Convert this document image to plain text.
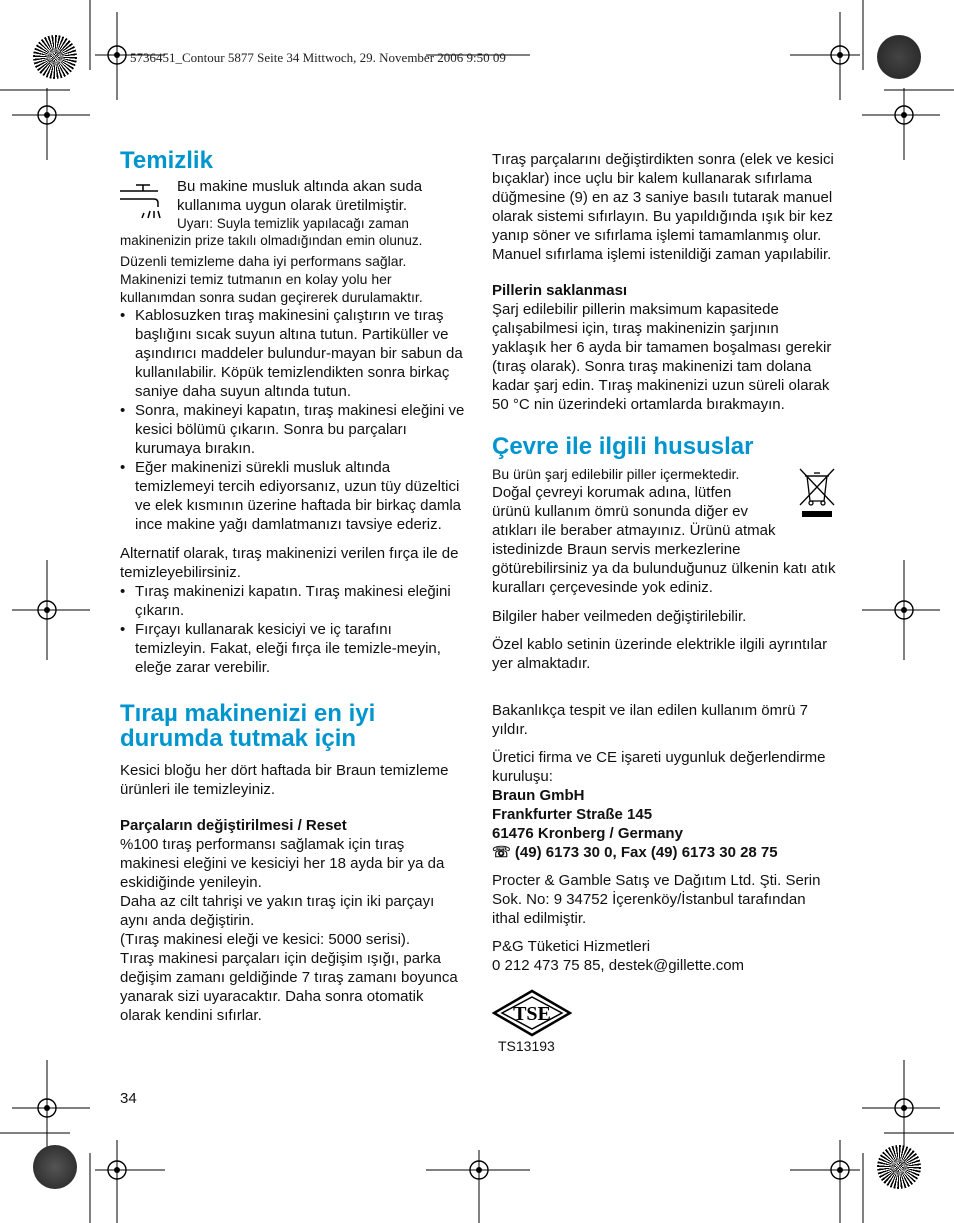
5736451_Contour 5877 Seite 34 Mittwoch, 29. November 2006 9:50 09
Temizlik
Bu makine musluk altında akan suda
kullanıma uygun olarak üretilmiştir.
Uyarı: Suyla temizlik yapılacağı zaman
makinenizin prize takılı olmadığından emin olunuz.

Düzenli temizleme daha iyi performans sağlar. Makinenizi temiz tutmanın en kolay yolu her kullanımdan sonra sudan geçirerek durulamaktır.

• Kablosuzken tıraş makinesini çalıştırın ve tıraş başlığını sıcak suyun altına tutun. Partiküller ve aşındırıcı maddeler bulundur-mayan bir sabun da kullanılabilir. Köpük temizlendikten sonra birkaç saniye daha suyun altında tutun.
• Sonra, makineyi kapatın, tıraş makinesi eleğini ve kesici bölümü çıkarın. Sonra bu parçaları kurumaya bırakın.
• Eğer makinenizi sürekli musluk altında temizlemeyi tercih ediyorsanız, uzun tüy düzeltici ve elek kısmının üzerine haftada bir birkaç damla ince makine yağı damlatmanızı tavsiye ederiz.

Alternatif olarak, tıraş makinenizi verilen fırça ile de temizleyebilirsiniz.

• Tıraş makinenizi kapatın. Tıraş makinesi eleğini çıkarın.
• Fırçayı kullanarak kesiciyi ve iç tarafını temizleyin. Fakat, eleği fırça ile temizle-meyin, eleğe zarar verebilir.
Tıraµ makinenizi en iyi
durumda tutmak için

Kesici bloğu her dört haftada bir Braun temizleme ürünleri ile temizleyiniz.

Parçaların değiştirilmesi / Reset

%100 tıraş performansı sağlamak için tıraş makinesi eleğini ve kesiciyi her 18 ayda bir ya da eskidiğinde yenileyin.

Daha az cilt tahrişi ve yakın tıraş için iki parçayı aynı anda değiştirin.

(Tıraş makinesi eleği ve kesici: 5000 serisi).

Tıraş makinesi parçaları için değişim ışığı, parka değişim zamanı geldiğinde 7 tıraş zamanı boyunca yanarak sizi uyaracaktır. Daha sonra otomatik olarak kendini sıfırlar.

Tıraş parçalarını değiştirdikten sonra (elek ve kesici bıçaklar) ince uçlu bir kalem kullanarak sıfırlama düğmesine (9) en az 3 saniye basılı tutarak manuel olarak sistemi sıfırlayın. Bu yapıldığında ışık bir kez yanıp söner ve sıfırlama işlemi tamamlanmış olur. Manuel sıfırlama işlemi istenildiği zaman yapılabilir.

Pillerin saklanması

Şarj edilebilir pillerin maksimum kapasitede çalışabilmesi için, tıraş makinenizin şarjının yaklaşık her 6 ayda bir tamamen boşalması gerekir (tıraş olarak). Sonra tıraş makinenizi tam dolana kadar şarj edin. Tıraş makinenizi uzun süreli olarak 50 °C nin üzerindeki ortamlarda bırakmayın.

Çevre ile ilgili hususlar
Bu ürün şarj edilebilir piller içermektedir.
Doğal çevreyi korumak adına, lütfen
ürünü kullanım ömrü sonunda diğer ev
atıkları ile beraber atmayınız. Ürünü atmak istedinizde Braun servis merkezlerine götürebilirsiniz ya da bulunduğunuz ülkenin katı atık kuralları çerçevesinde yok ediniz.

Bilgiler haber veilmeden değiştirilebilir.

Özel kablo setinin üzerinde elektrikle ilgili ayrıntılar yer almaktadır.

Bakanlıkça tespit ve ilan edilen kullanım ömrü 7 yıldır.

Üretici firma ve CE işareti uygunluk değerlendirme kuruluşu:

Braun GmbH

Frankfurter Straße 145

61476 Kronberg / Germany

☏ (49) 6173 30 0, Fax (49) 6173 30 28 75

Procter & Gamble Satış ve Dağıtım Ltd. Şti. Serin Sok. No: 9 34752 İçerenköy/İstanbul tarafından ithal edilmiştir.

P&G Tüketici Hizmetleri

0 212 473 75 85, destek@gillette.com

TSE
TS13193
34
